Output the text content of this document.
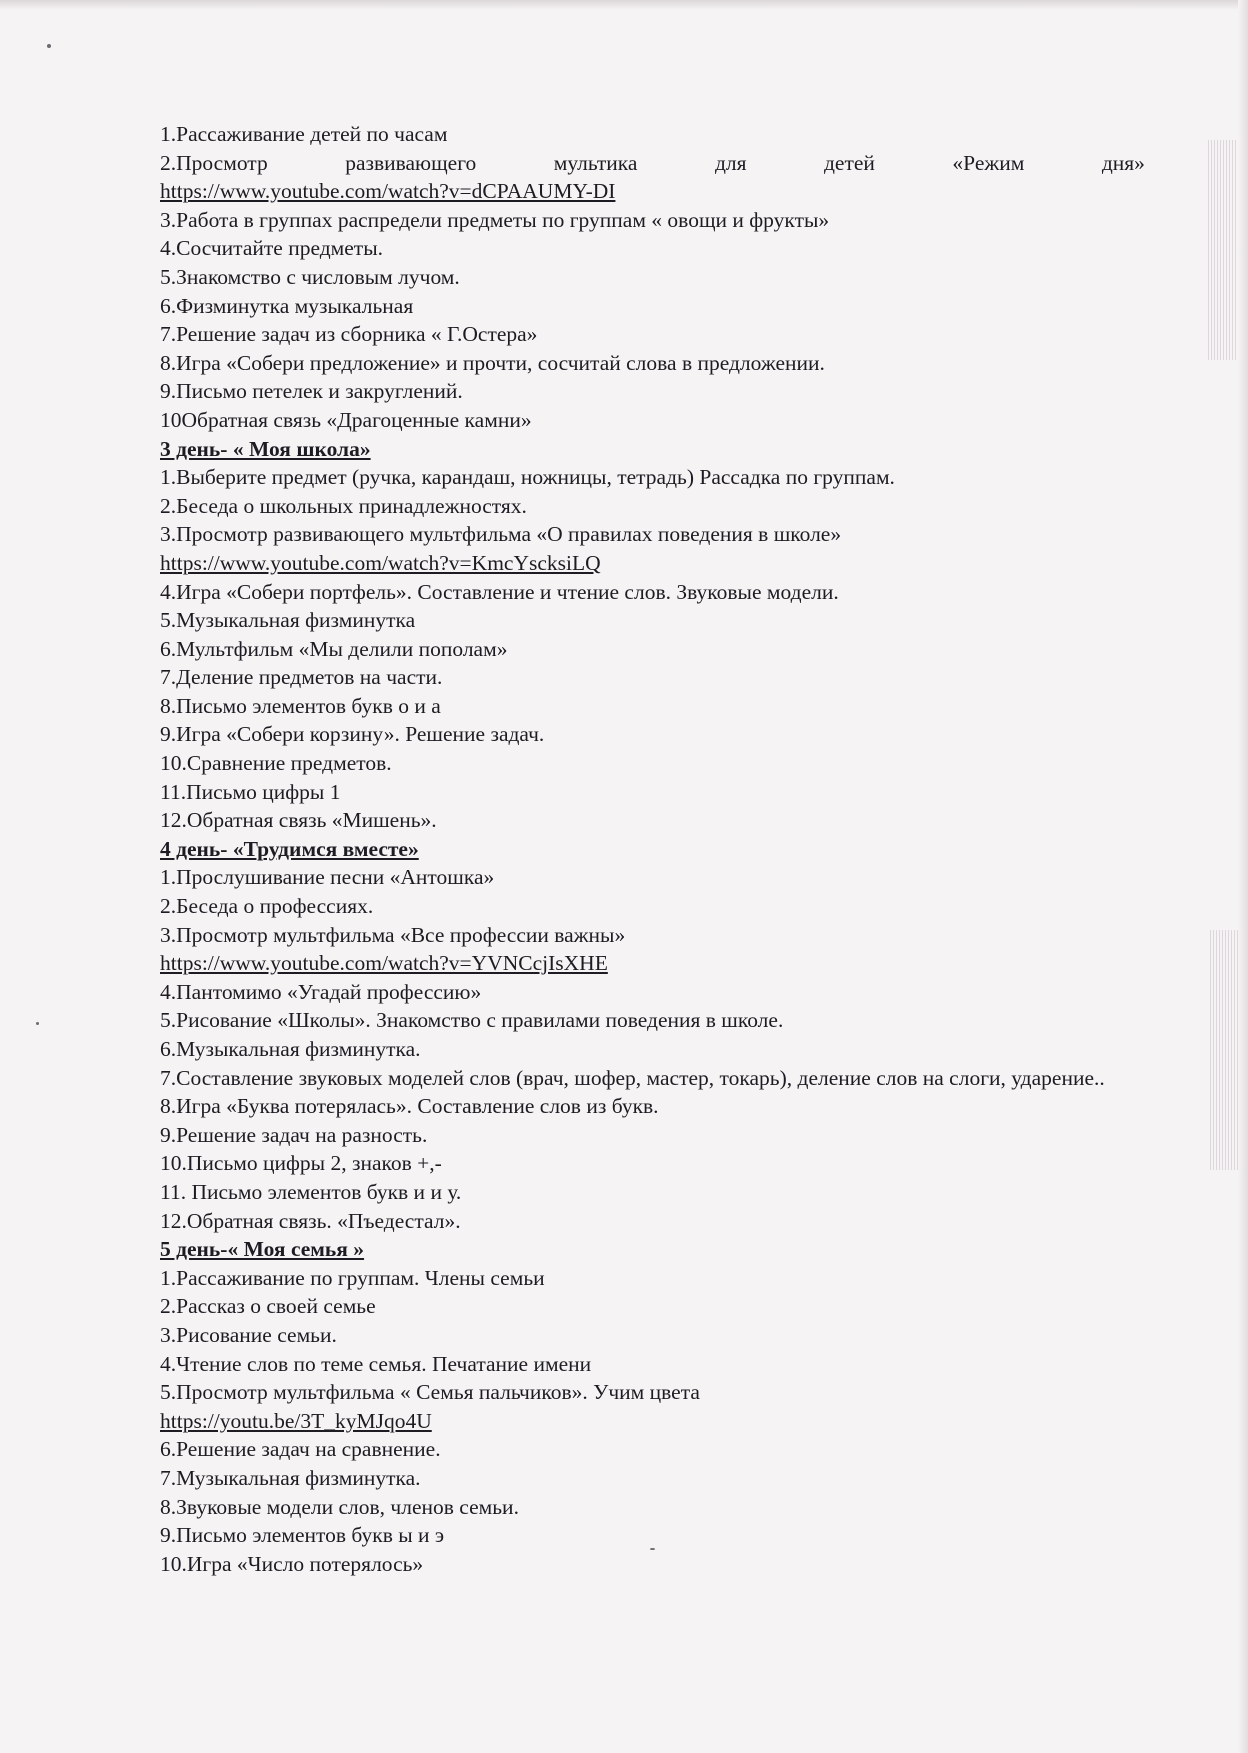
1.Рассаживание детей по часам
2.Просмотр	развивающего	мультика	для	детей	«Режим	дня»
https://www.youtube.com/watch?v=dCPAAUMY-DI
3.Работа в группах распредели предметы по группам « овощи и фрукты»
4.Сосчитайте предметы.
5.Знакомство с числовым лучом.
6.Физминутка музыкальная
7.Решение задач из сборника « Г.Остера»
8.Игра «Собери предложение» и прочти, сосчитай слова в предложении.
9.Письмо петелек и закруглений.
10Обратная связь «Драгоценные камни»
3 день- « Моя школа»
1.Выберите предмет (ручка, карандаш, ножницы, тетрадь) Рассадка по группам.
2.Беседа о школьных принадлежностях.
3.Просмотр развивающего мультфильма «О правилах поведения в школе»
https://www.youtube.com/watch?v=KmcYscksiLQ
4.Игра «Собери портфель». Составление и чтение слов. Звуковые модели.
5.Музыкальная физминутка
6.Мультфильм «Мы делили пополам»
7.Деление предметов на части.
8.Письмо элементов букв о и а
9.Игра «Собери корзину». Решение задач.
10.Сравнение предметов.
11.Письмо цифры 1
12.Обратная связь «Мишень».
4 день- «Трудимся вместе»
1.Прослушивание песни «Антошка»
2.Беседа о профессиях.
3.Просмотр мультфильма «Все профессии важны»
https://www.youtube.com/watch?v=YVNCcjIsXHE
4.Пантомимо «Угадай профессию»
5.Рисование «Школы». Знакомство с правилами поведения в школе.
6.Музыкальная физминутка.
7.Составление звуковых моделей слов (врач, шофер, мастер, токарь), деление слов на слоги, ударение..
8.Игра «Буква потерялась». Составление слов из букв.
9.Решение задач на разность.
10.Письмо цифры 2, знаков +,-
11. Письмо элементов букв и и у.
12.Обратная связь. «Пъедестал».
5 день-« Моя семья »
1.Рассаживание по группам. Члены семьи
2.Рассказ о своей семье
3.Рисование семьи.
4.Чтение слов по теме семья. Печатание имени
5.Просмотр мультфильма « Семья пальчиков». Учим цвета
https://youtu.be/3T_kyMJqo4U
6.Решение задач на сравнение.
7.Музыкальная физминутка.
8.Звуковые модели слов, членов семьи.
9.Письмо элементов букв ы и э
10.Игра «Число потерялось»
